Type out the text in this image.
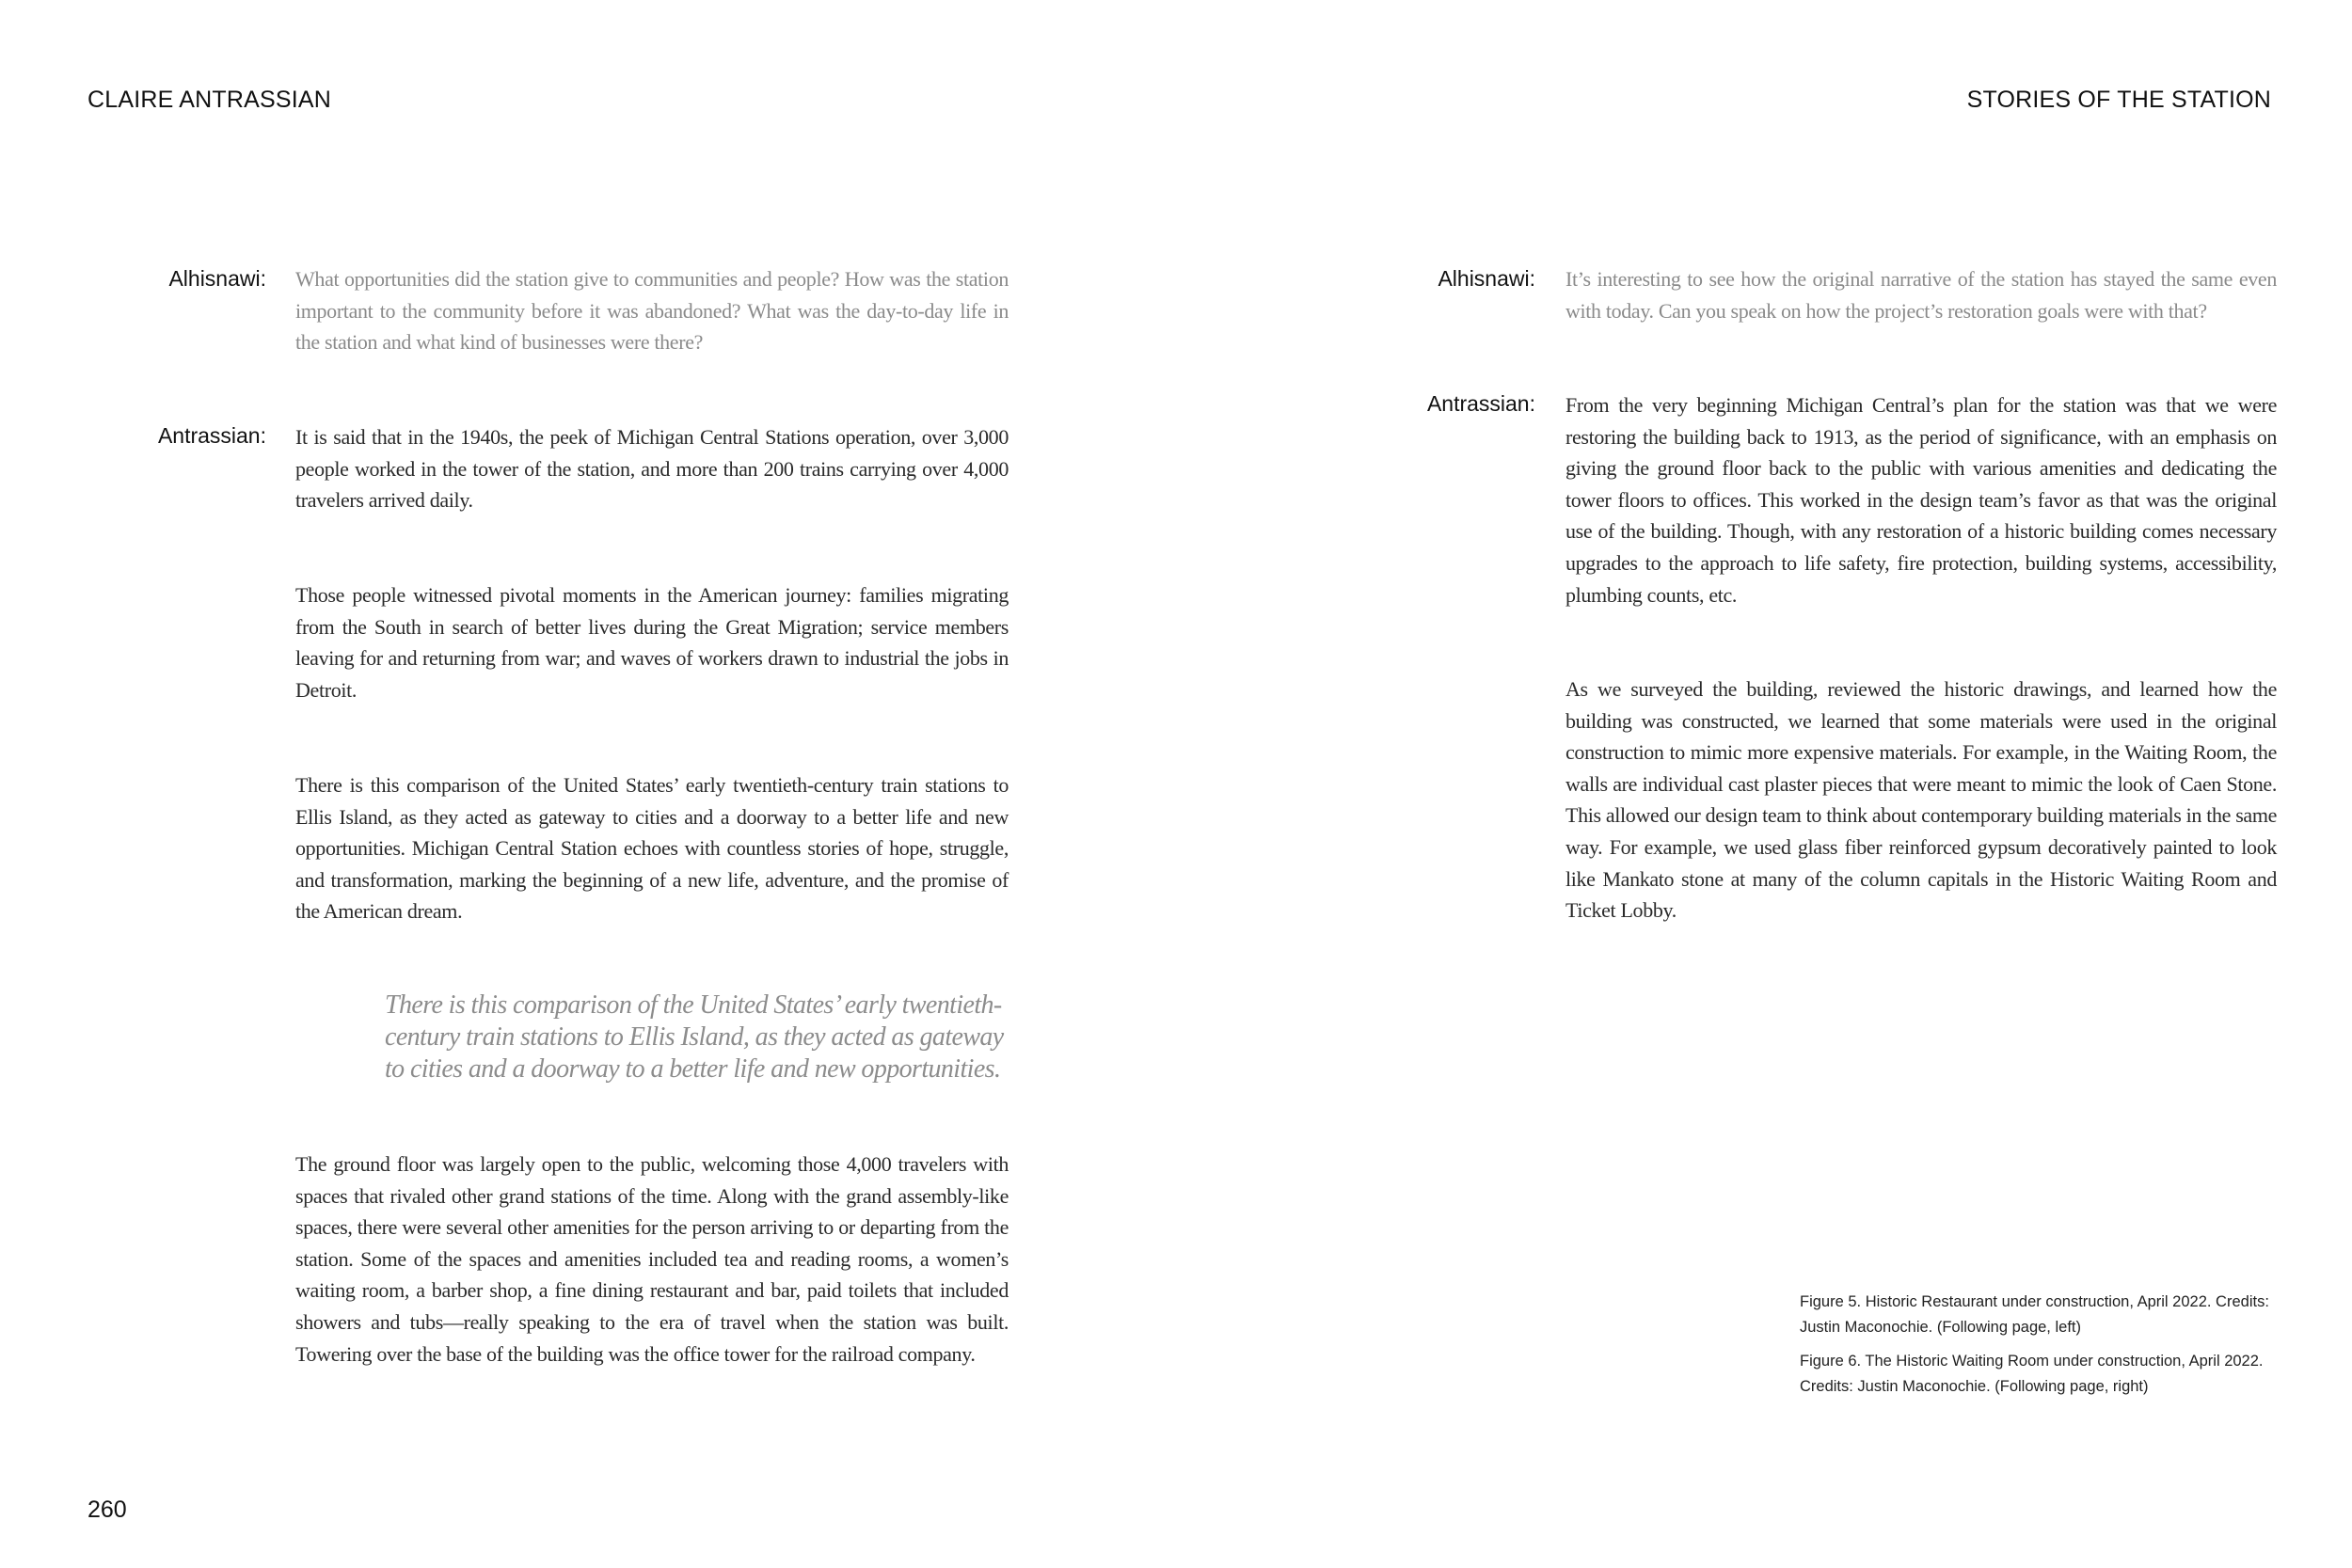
CLAIRE ANTRASSIAN	STORIES OF THE STATION
Alhisnawi: What opportunities did the station give to communities and people? How was the station important to the community before it was abandoned? What was the day-to-day life in the station and what kind of businesses were there?

Antrassian: It is said that in the 1940s, the peek of Michigan Central Stations operation, over 3,000 people worked in the tower of the station, and more than 200 trains carrying over 4,000 travelers arrived daily.

Those people witnessed pivotal moments in the American journey: families migrating from the South in search of better lives during the Great Migration; service members leaving for and returning from war; and waves of workers drawn to industrial the jobs in Detroit.

There is this comparison of the United States’ early twentieth-century train stations to Ellis Island, as they acted as gateway to cities and a doorway to a better life and new opportunities. Michigan Central Station echoes with countless stories of hope, struggle, and transformation, marking the beginning of a new life, adventure, and the promise of the American dream.

There is this comparison of the United States’ early twentieth-century train stations to Ellis Island, as they acted as gateway to cities and a doorway to a better life and new opportunities.

The ground floor was largely open to the public, welcoming those 4,000 travelers with spaces that rivaled other grand stations of the time. Along with the grand assembly-like spaces, there were several other amenities for the person arriving to or departing from the station. Some of the spaces and amenities included tea and reading rooms, a women’s waiting room, a barber shop, a fine dining restaurant and bar, paid toilets that included showers and tubs—really speaking to the era of travel when the station was built. Towering over the base of the building was the office tower for the railroad company.

260
Alhisnawi: It’s interesting to see how the original narrative of the station has stayed the same even with today. Can you speak on how the project’s restoration goals were with that?

Antrassian: From the very beginning Michigan Central’s plan for the station was that we were restoring the building back to 1913, as the period of significance, with an emphasis on giving the ground floor back to the public with various amenities and dedicating the tower floors to offices. This worked in the design team’s favor as that was the original use of the building. Though, with any restoration of a historic building comes necessary upgrades to the approach to life safety, fire protection, building systems, accessibility, plumbing counts, etc.

As we surveyed the building, reviewed the historic drawings, and learned how the building was constructed, we learned that some materials were used in the original construction to mimic more expensive materials. For example, in the Waiting Room, the walls are individual cast plaster pieces that were meant to mimic the look of Caen Stone. This allowed our design team to think about contemporary building materials in the same way. For example, we used glass fiber reinforced gypsum decoratively painted to look like Mankato stone at many of the column capitals in the Historic Waiting Room and Ticket Lobby.

Figure 5. Historic Restaurant under construction, April 2022. Credits: Justin Maconochie. (Following page, left)

Figure 6. The Historic Waiting Room under construction, April 2022. Credits: Justin Maconochie. (Following page, right)
